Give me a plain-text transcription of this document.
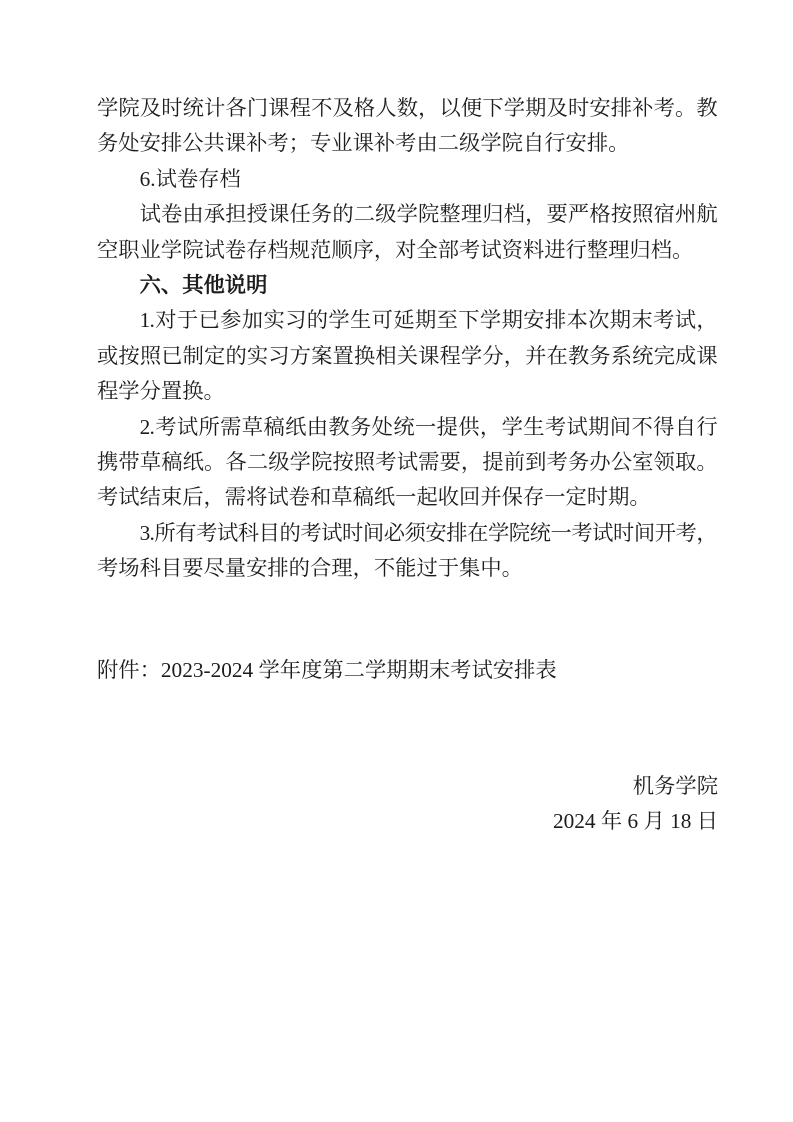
学院及时统计各门课程不及格人数，以便下学期及时安排补考。教
务处安排公共课补考；专业课补考由二级学院自行安排。
6.试卷存档
试卷由承担授课任务的二级学院整理归档，要严格按照宿州航
空职业学院试卷存档规范顺序，对全部考试资料进行整理归档。
六、其他说明
1.对于已参加实习的学生可延期至下学期安排本次期末考试，
或按照已制定的实习方案置换相关课程学分，并在教务系统完成课
程学分置换。
2.考试所需草稿纸由教务处统一提供，学生考试期间不得自行
携带草稿纸。各二级学院按照考试需要，提前到考务办公室领取。
考试结束后，需将试卷和草稿纸一起收回并保存一定时期。
3.所有考试科目的考试时间必须安排在学院统一考试时间开考，
考场科目要尽量安排的合理，不能过于集中。
附件：2023-2024 学年度第二学期期末考试安排表
机务学院
2024 年 6 月 18 日
